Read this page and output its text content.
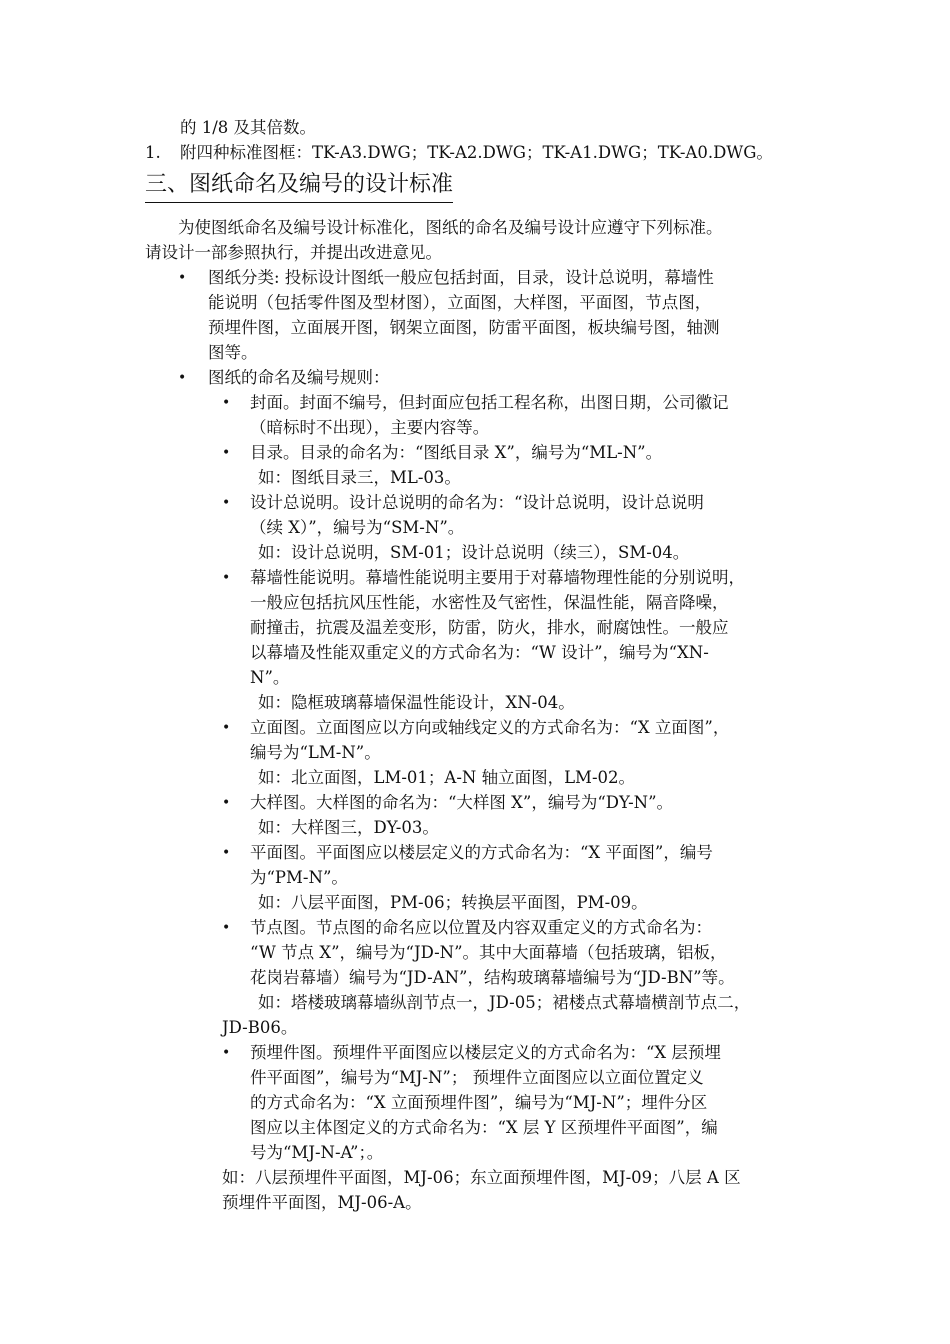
的 1/8 及其倍数。
1. 附四种标准图框：TK-A3.DWG；TK-A2.DWG；TK-A1.DWG；TK-A0.DWG。
三、图纸命名及编号的设计标准
为使图纸命名及编号设计标准化，图纸的命名及编号设计应遵守下列标准。
请设计一部参照执行，并提出改进意见。
• 图纸分类: 投标设计图纸一般应包括封面，目录，设计总说明，幕墙性
能说明（包括零件图及型材图），立面图，大样图，平面图，节点图，
预埋件图，立面展开图，钢架立面图，防雷平面图，板块编号图，轴测
图等。
• 图纸的命名及编号规则：
• 封面。封面不编号，但封面应包括工程名称，出图日期，公司徽记
（暗标时不出现），主要内容等。
• 目录。目录的命名为：“图纸目录 X”，编号为“ML-N”。
如：图纸目录三，ML-03。
• 设计总说明。设计总说明的命名为：“设计总说明，设计总说明
（续 X）”，编号为“SM-N”。
如：设计总说明，SM-01；设计总说明（续三），SM-04。
• 幕墙性能说明。幕墙性能说明主要用于对幕墙物理性能的分别说明，
一般应包括抗风压性能，水密性及气密性，保温性能，隔音降噪，
耐撞击，抗震及温差变形，防雷，防火，排水，耐腐蚀性。一般应
以幕墙及性能双重定义的方式命名为：“W 设计”，编号为“XN-
N”。
如：隐框玻璃幕墙保温性能设计，XN-04。
• 立面图。立面图应以方向或轴线定义的方式命名为：“X 立面图”，
编号为“LM-N”。
如：北立面图，LM-01；A-N 轴立面图，LM-02。
• 大样图。大样图的命名为：“大样图 X”，编号为“DY-N”。
如：大样图三，DY-03。
• 平面图。平面图应以楼层定义的方式命名为：“X 平面图”，编号
为“PM-N”。
如：八层平面图，PM-06；转换层平面图，PM-09。
• 节点图。节点图的命名应以位置及内容双重定义的方式命名为：
“W 节点 X”，编号为“JD-N”。其中大面幕墙（包括玻璃，铝板，
花岗岩幕墙）编号为“JD-AN”，结构玻璃幕墙编号为“JD-BN”等。
如：塔楼玻璃幕墙纵剖节点一，JD-05；裙楼点式幕墙横剖节点二，
JD-B06。
• 预埋件图。预埋件平面图应以楼层定义的方式命名为：“X 层预埋
件平面图”，编号为“MJ-N”； 预埋件立面图应以立面位置定义
的方式命名为：“X 立面预埋件图”，编号为“MJ-N”；埋件分区
图应以主体图定义的方式命名为：“X 层 Y 区预埋件平面图”，编
号为“MJ-N-A”；。
如：八层预埋件平面图，MJ-06；东立面预埋件图，MJ-09；八层 A 区
预埋件平面图，MJ-06-A。
